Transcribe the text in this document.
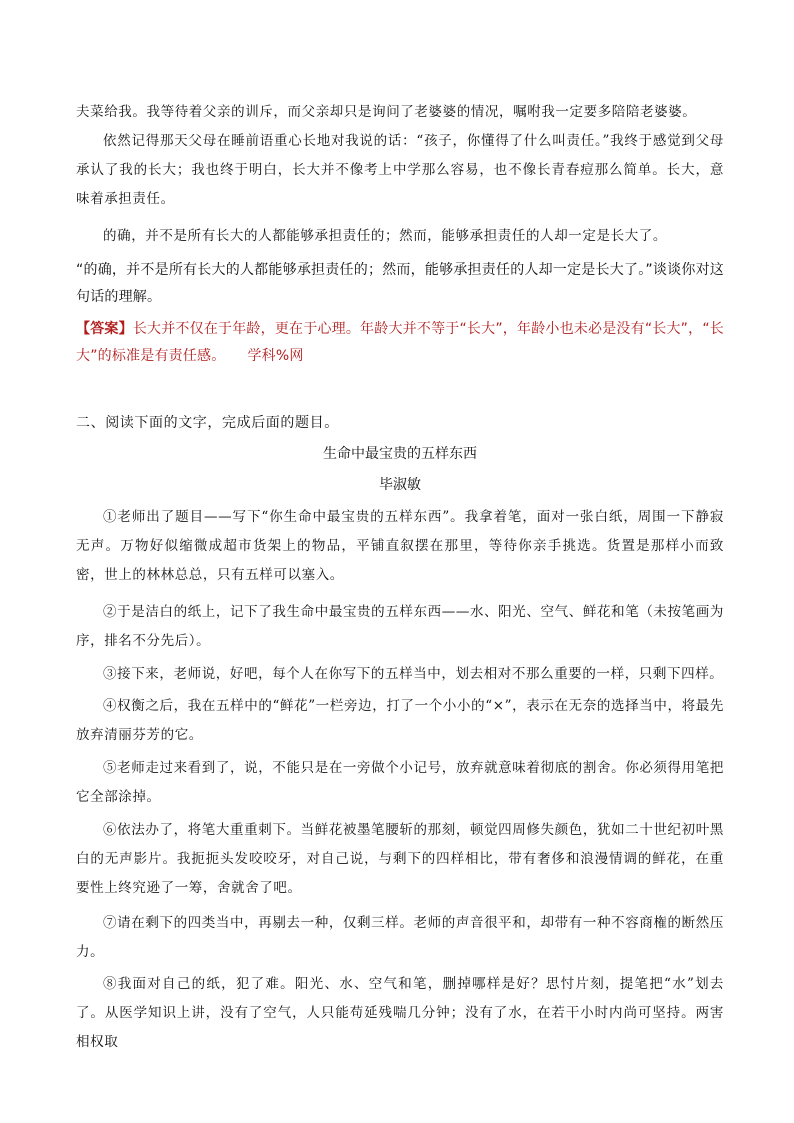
夫菜给我。我等待着父亲的训斥，而父亲却只是询问了老婆婆的情况，嘱咐我一定要多陪陪老婆婆。
依然记得那天父母在睡前语重心长地对我说的话：“孩子，你懂得了什么叫责任。”我终于感觉到父母承认了我的长大；我也终于明白，长大并不像考上中学那么容易，也不像长青春痘那么简单。长大，意味着承担责任。
的确，并不是所有长大的人都能够承担责任的；然而，能够承担责任的人却一定是长大了。
“的确，并不是所有长大的人都能够承担责任的；然而，能够承担责任的人却一定是长大了。”谈谈你对这句话的理解。
【答案】长大并不仅在于年龄，更在于心理。年龄大并不等于“长大”，年龄小也未必是没有“长大”，“长大”的标准是有责任感。 学科%网
二、阅读下面的文字，完成后面的题目。
生命中最宝贵的五样东西
毕淑敏
①老师出了题目——写下“你生命中最宝贵的五样东西”。我拿着笔，面对一张白纸，周围一下静寂无声。万物好似缩微成超市货架上的物品，平铺直叙摆在那里，等待你亲手挑选。货置是那样小而致密，世上的林林总总，只有五样可以塞入。
②于是洁白的纸上，记下了我生命中最宝贵的五样东西——水、阳光、空气、鲜花和笔（未按笔画为序，排名不分先后）。
③接下来，老师说，好吧，每个人在你写下的五样当中，划去相对不那么重要的一样，只剩下四样。
④权衡之后，我在五样中的“鲜花”一栏旁边，打了一个小小的“×”，表示在无奈的选择当中，将最先放弃清丽芬芳的它。
⑤老师走过来看到了，说，不能只是在一旁做个小记号，放弃就意味着彻底的割舍。你必须得用笔把它全部涂掉。
⑥依法办了，将笔大重重刺下。当鲜花被墨笔腰斩的那刻，顿觉四周修失颜色，犹如二十世纪初叶黑白的无声影片。我扼扼头发咬咬牙，对自己说，与剩下的四样相比，带有奢侈和浪漫情调的鲜花，在重要性上终究逊了一筹，舍就舍了吧。
⑦请在剩下的四类当中，再剔去一种，仅剩三样。老师的声音很平和，却带有一种不容商権的断然压力。
⑧我面对自己的纸，犯了难。阳光、水、空气和笔，删掉哪样是好？思忖片刻，提笔把“水”划去了。从医学知识上讲，没有了空气，人只能苟延残喘几分钟；没有了水，在若干小时内尚可坚持。两害相权取
